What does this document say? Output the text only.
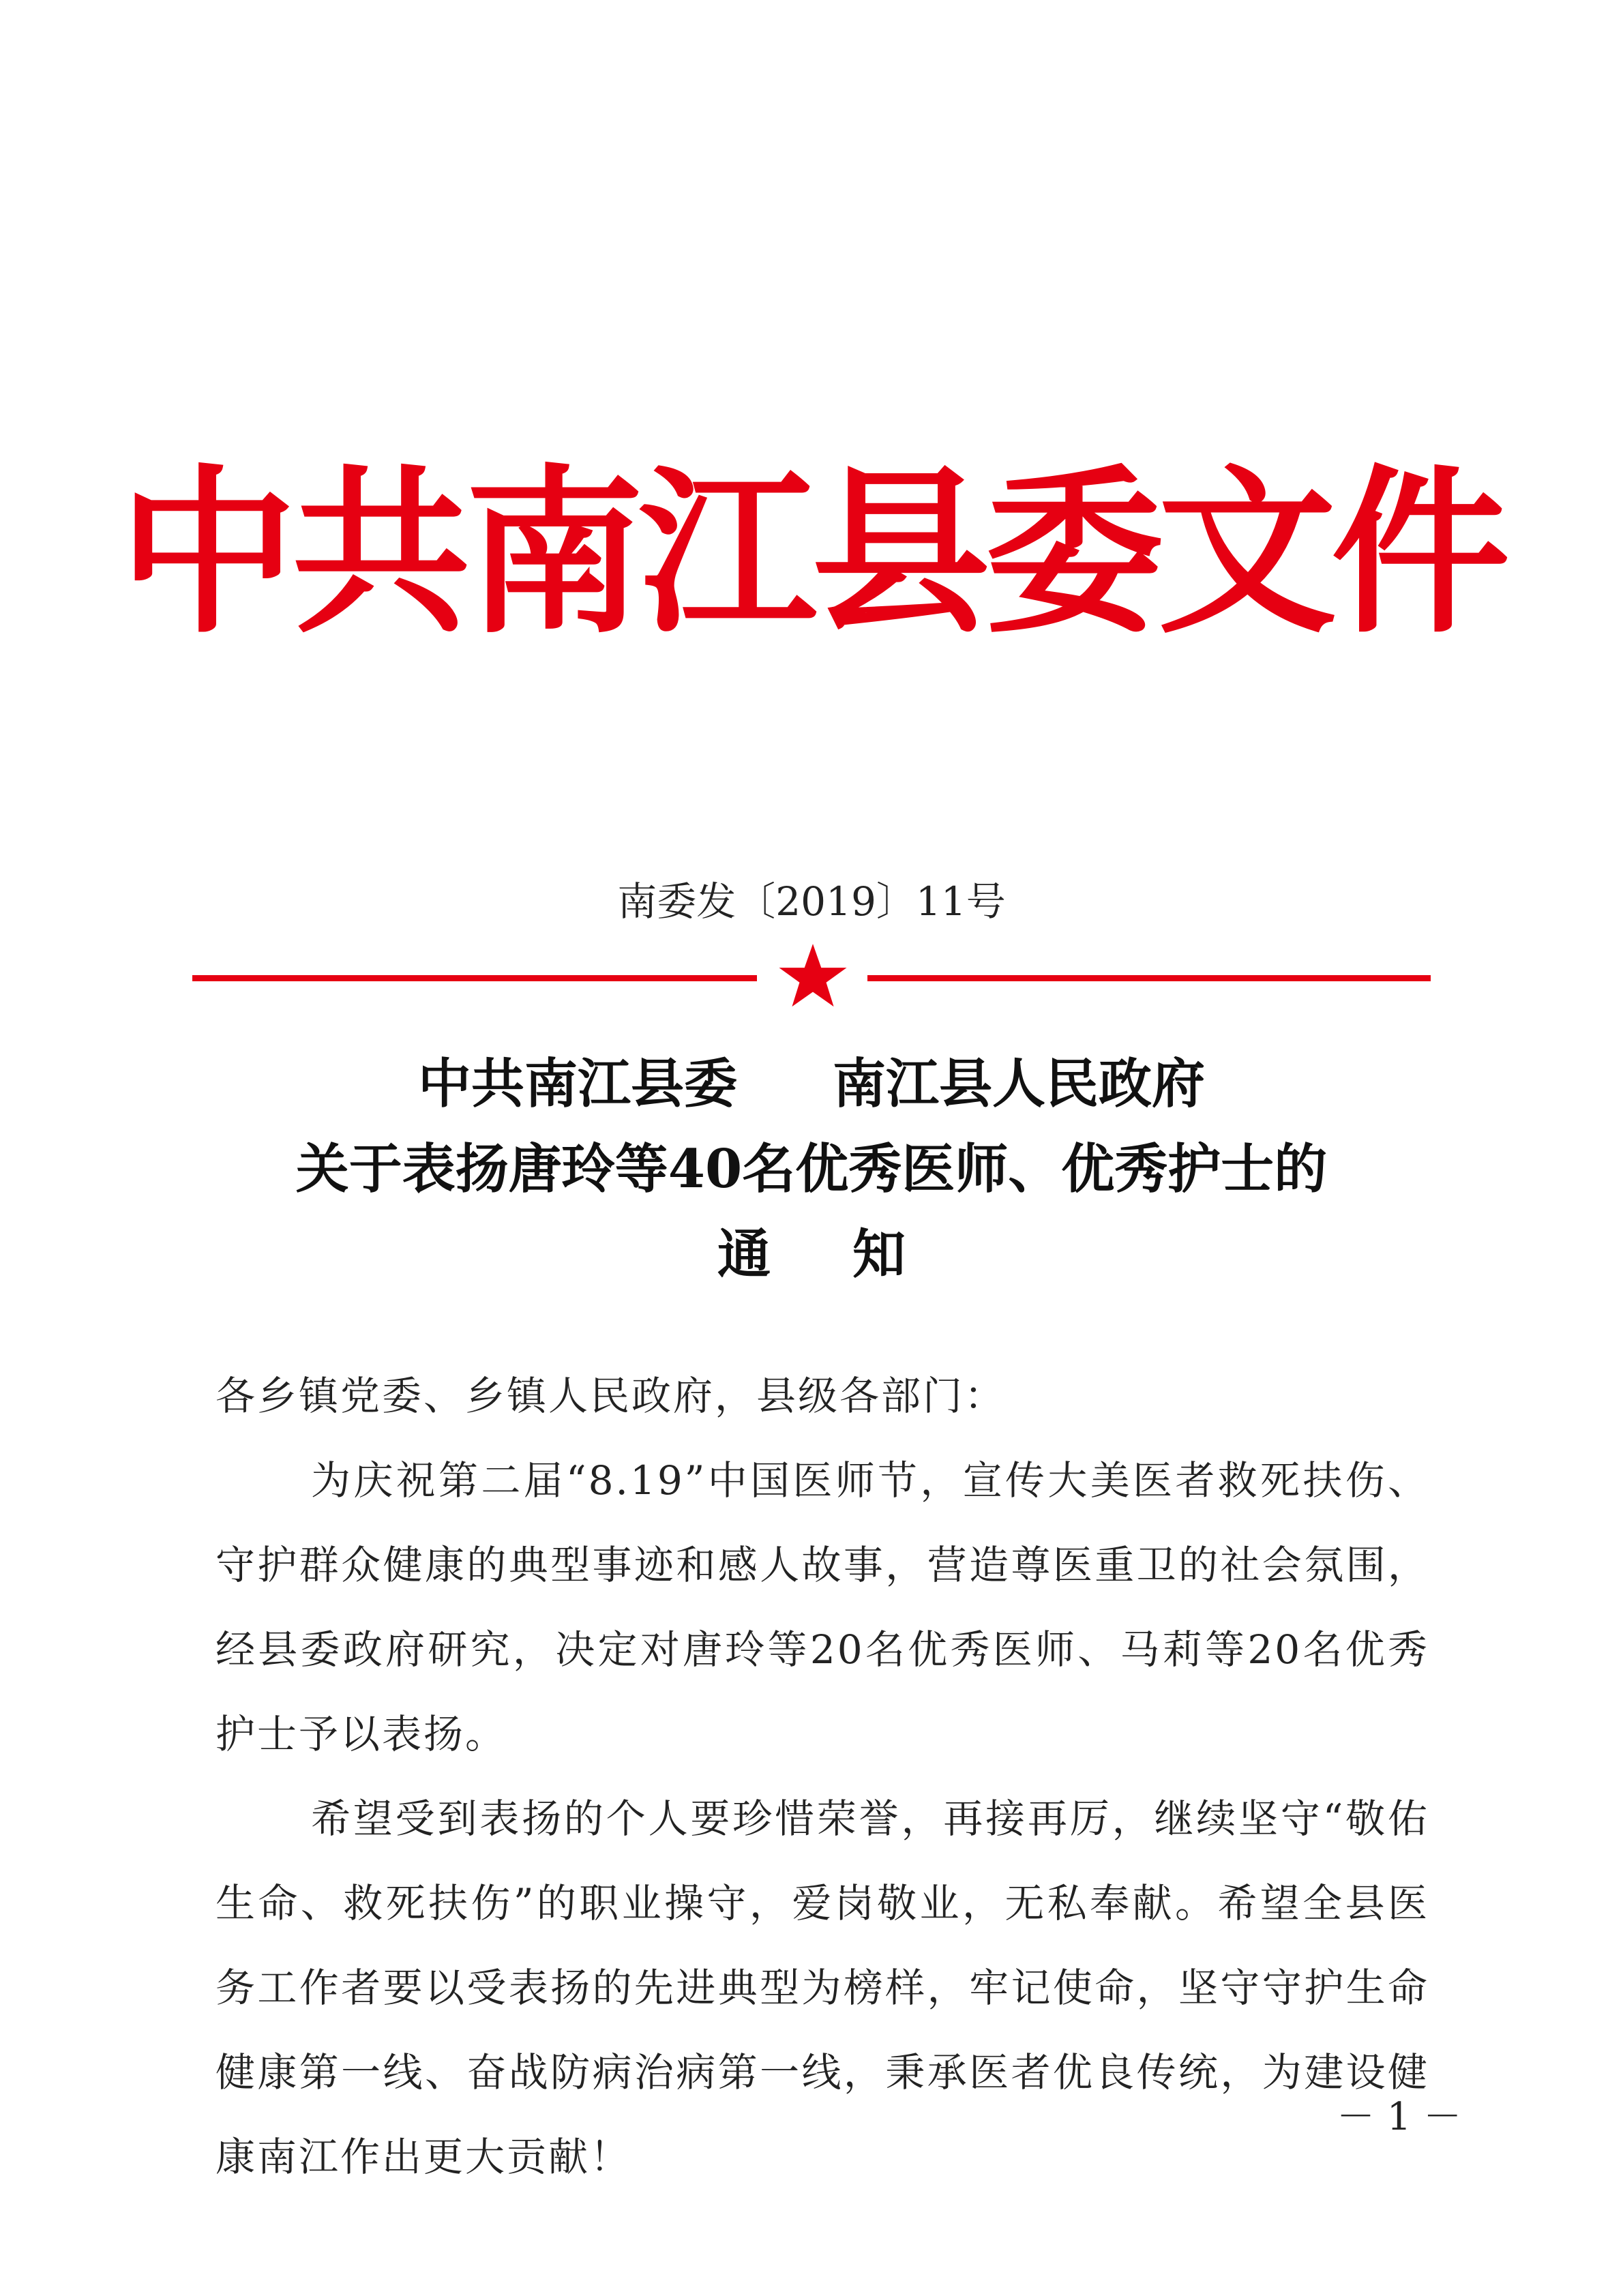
中共南江县委文件
南委发〔2019〕11号
中共南江县委 南江县人民政府
关于表扬唐玲等40名优秀医师、优秀护士的
通知
各乡镇党委、乡镇人民政府，县级各部门：

为庆祝第二届“8.19”中国医师节，宣传大美医者救死扶伤、守护群众健康的典型事迹和感人故事，营造尊医重卫的社会氛围，经县委政府研究，决定对唐玲等20名优秀医师、马莉等20名优秀护士予以表扬。

希望受到表扬的个人要珍惜荣誉，再接再厉，继续坚守“敬佑生命、救死扶伤”的职业操守，爱岗敬业，无私奉献。希望全县医务工作者要以受表扬的先进典型为榜样，牢记使命，坚守守护生命健康第一线、奋战防病治病第一线，秉承医者优良传统，为建设健康南江作出更大贡献！

－ 1 －
